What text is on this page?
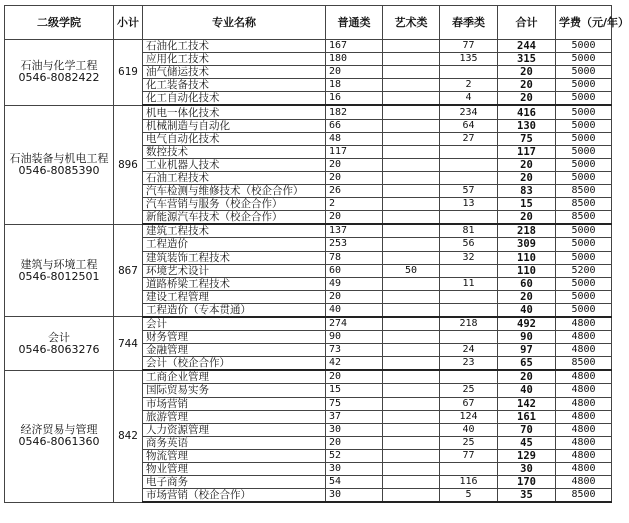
二级学院	小计	专业名称	普通类	艺术类	春季类	合计	学费（元/年）

石油与化学工程
0546-8082422	619	石油化工技术	167		77	244	5000
		应用化工技术	180		135	315	5000
		油气储运技术	20			20	5000
		化工装备技术	18		2	20	5000
		化工自动化技术	16		4	20	5000

石油装备与机电工程
0546-8085390	896	机电一体化技术	182		234	416	5000
		机械制造与自动化	66		64	130	5000
		电气自动化技术	48		27	75	5000
		数控技术	117			117	5000
		工业机器人技术	20			20	5000
		石油工程技术	20			20	5000
		汽车检测与维修技术（校企合作）	26		57	83	8500
		汽车营销与服务（校企合作）	2		13	15	8500
		新能源汽车技术（校企合作）	20			20	8500

建筑与环境工程
0546-8012501	867	建筑工程技术	137		81	218	5000
		工程造价	253		56	309	5000
		建筑装饰工程技术	78		32	110	5000
		环境艺术设计	60	50		110	5200
		道路桥梁工程技术	49		11	60	5000
		建设工程管理	20			20	5000
		工程造价（专本贯通）	40			40	5000

会计
0546-8063276	744	会计	274		218	492	4800
		财务管理	90			90	4800
		金融管理	73		24	97	4800
		会计（校企合作）	42		23	65	8500

经济贸易与管理
0546-8061360	842	工商企业管理	20			20	4800
		国际贸易实务	15		25	40	4800
		市场营销	75		67	142	4800
		旅游管理	37		124	161	4800
		人力资源管理	30		40	70	4800
		商务英语	20		25	45	4800
		物流管理	52		77	129	4800
		物业管理	30			30	4800
		电子商务	54		116	170	4800
		市场营销（校企合作）	30		5	35	8500
